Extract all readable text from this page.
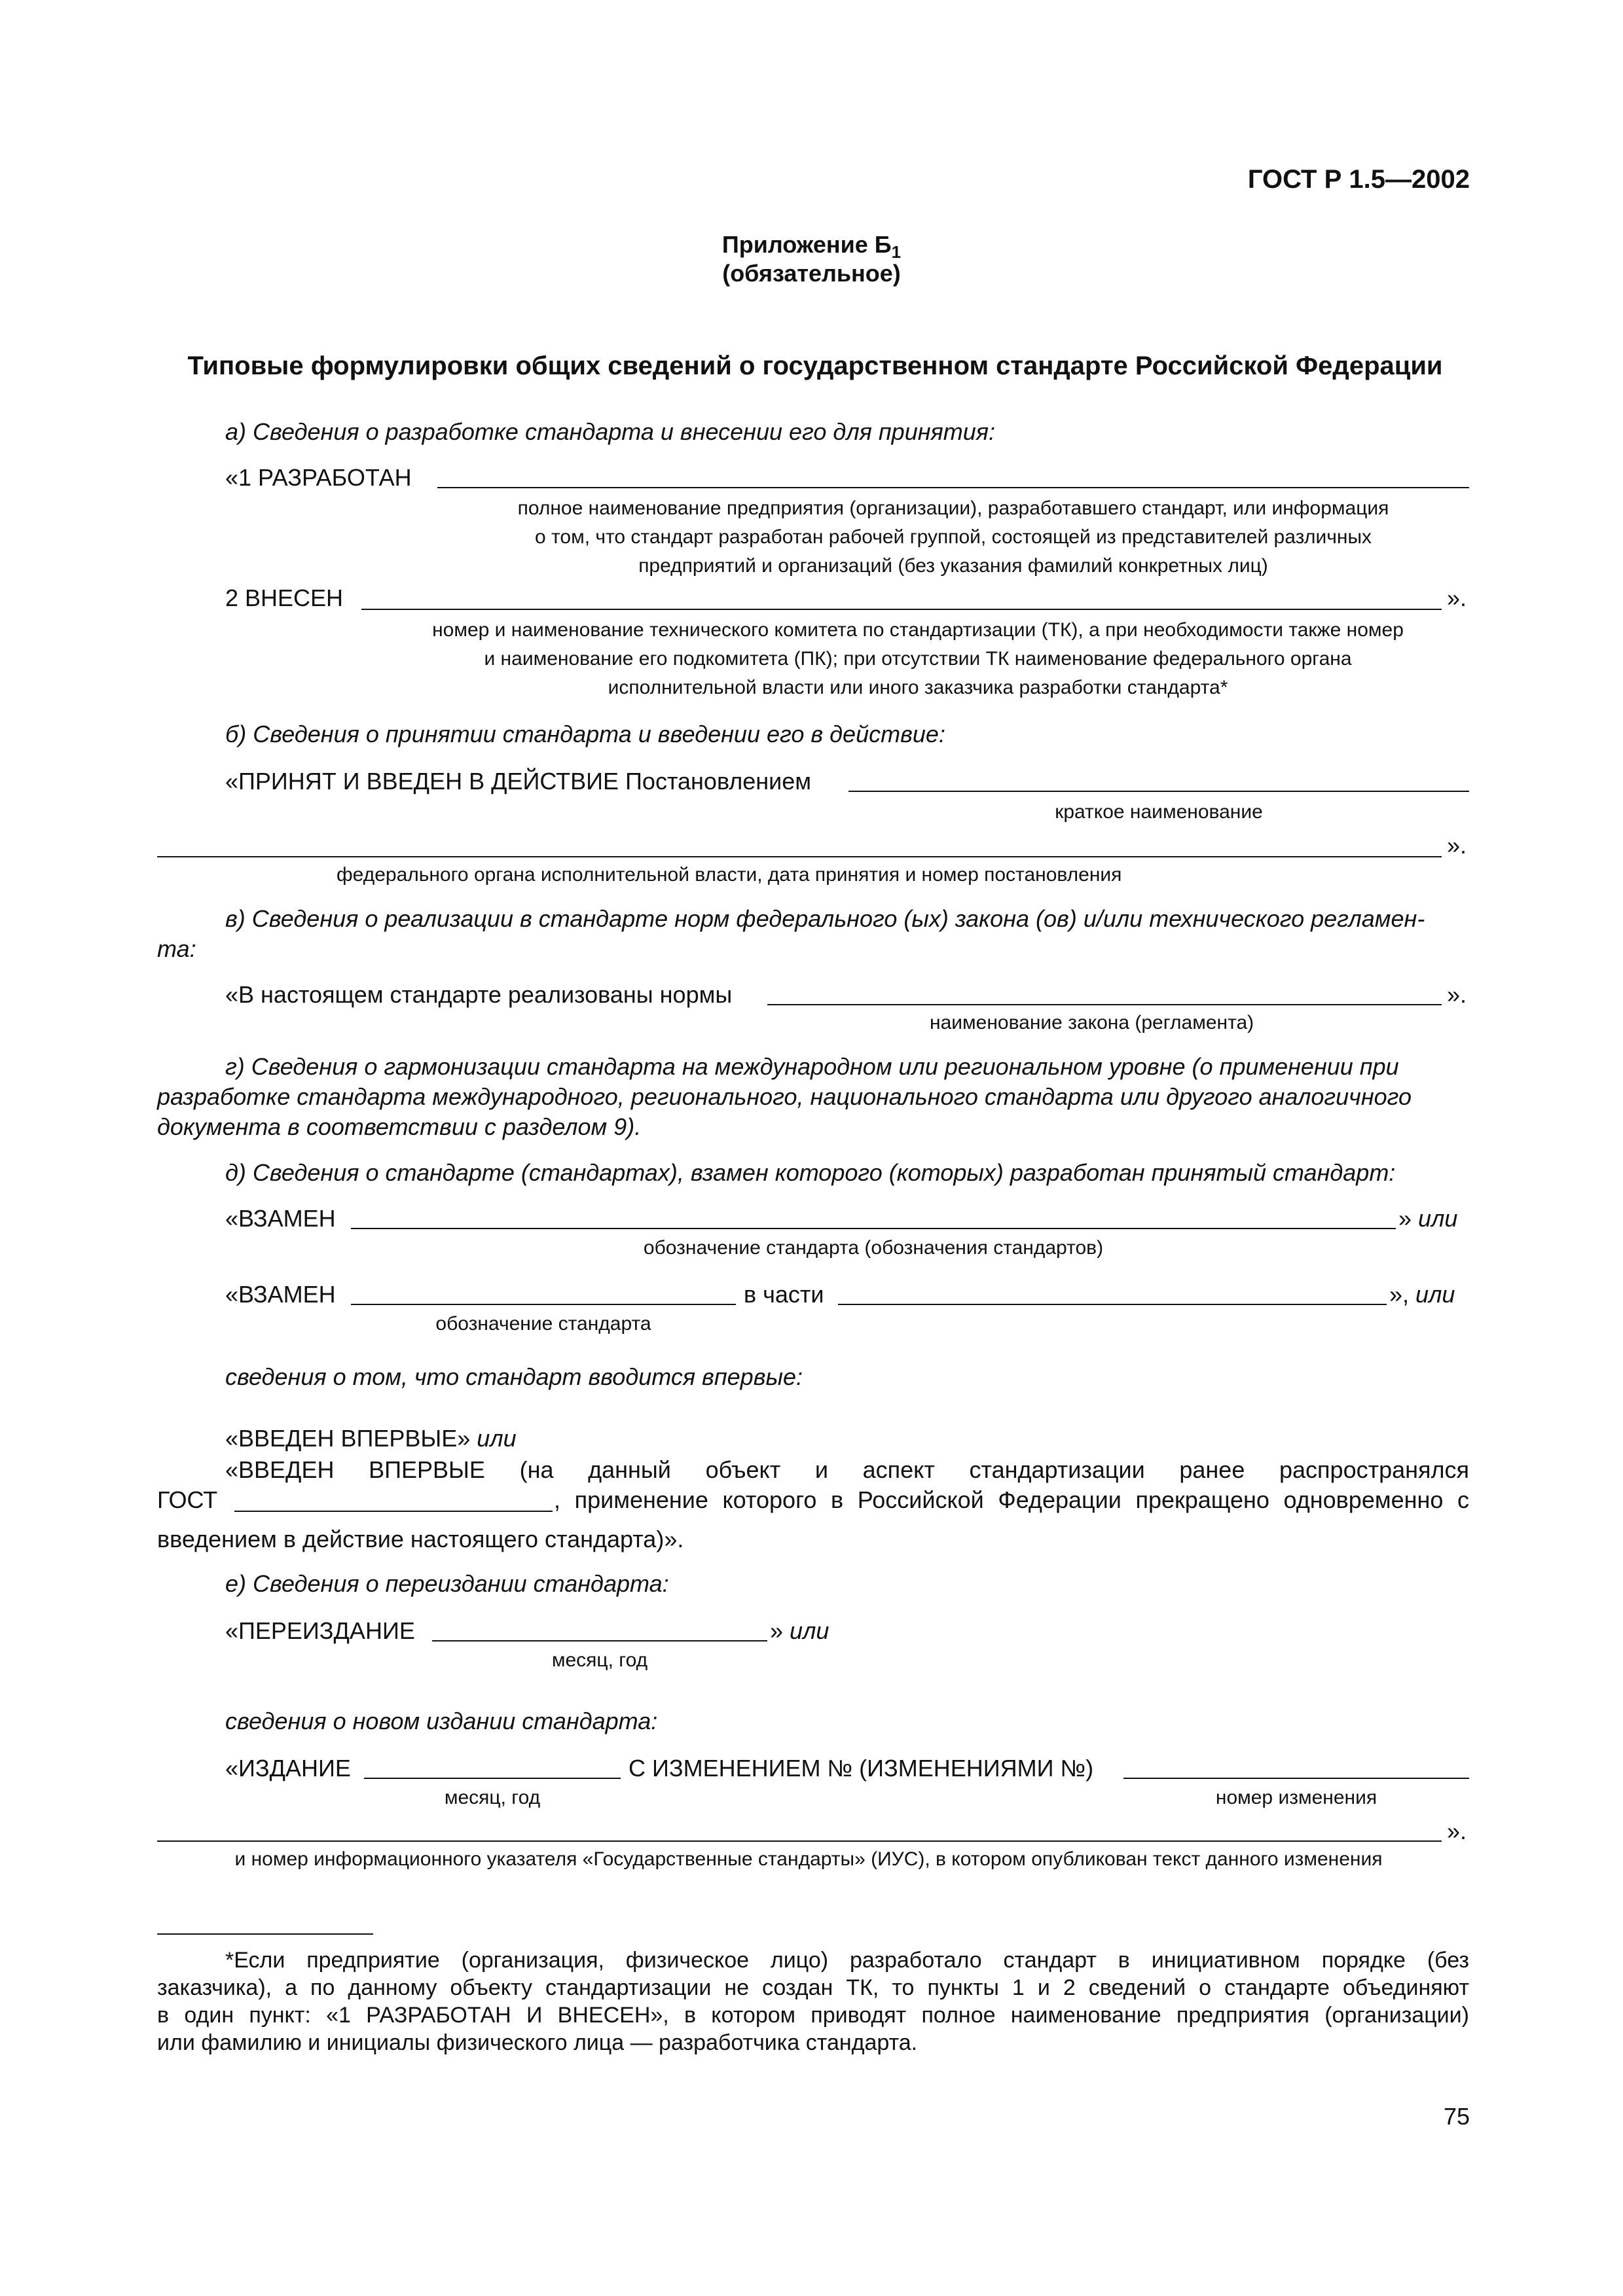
ГОСТ Р 1.5—2002
Приложение $Б_1$
(обязательное)
Типовые формулировки общих сведений о государственном стандарте Российской Федерации
а) Сведения о разработке стандарта и внесении его для принятия:
«1 РАЗРАБОТАН
полное наименование предприятия (организации), разработавшего стандарт, или информация
о том, что стандарт разработан рабочей группой, состоящей из представителей различных
предприятий и организаций (без указания фамилий конкретных лиц)
2 ВНЕСЕН	».
номер и наименование технического комитета по стандартизации (ТК), а при необходимости также номер
и наименование его подкомитета (ПК); при отсутствии ТК наименование федерального органа
исполнительной власти или иного заказчика разработки стандарта*
б) Сведения о принятии стандарта и введении его в действие:
«ПРИНЯТ И ВВЕДЕН В ДЕЙСТВИЕ Постановлением
краткое наименование
».
федерального органа исполнительной власти, дата принятия и номер постановления
в) Сведения о реализации в стандарте норм федерального (ых) закона (ов) и/или технического регламен-
та:
«В настоящем стандарте реализованы нормы	».
наименование закона (регламента)
г) Сведения о гармонизации стандарта на международном или региональном уровне (о применении при
разработке стандарта международного, регионального, национального стандарта или другого аналогичного
документа в соответствии с разделом 9).
д) Сведения о стандарте (стандартах), взамен которого (которых) разработан принятый стандарт:
«ВЗАМЕН	» или
обозначение стандарта (обозначения стандартов)
«ВЗАМЕН	в части	», или
обозначение стандарта
сведения о том, что стандарт вводится впервые:
«ВВЕДЕН ВПЕРВЫЕ» или
«ВВЕДЕН ВПЕРВЫЕ (на данный объект и аспект стандартизации ранее распространялся
ГОСТ	, применение которого в Российской Федерации прекращено одновременно с
введением в действие настоящего стандарта)».
е) Сведения о переиздании стандарта:
«ПЕРЕИЗДАНИЕ	» или
месяц, год
сведения о новом издании стандарта:
«ИЗДАНИЕ	С ИЗМЕНЕНИЕМ № (ИЗМЕНЕНИЯМИ №)
месяц, год	номер изменения
».
и номер информационного указателя «Государственные стандарты» (ИУС), в котором опубликован текст данного изменения
*Если предприятие (организация, физическое лицо) разработало стандарт в инициативном порядке (без
заказчика), а по данному объекту стандартизации не создан ТК, то пункты 1 и 2 сведений о стандарте объединяют
в один пункт: «1 РАЗРАБОТАН И ВНЕСЕН», в котором приводят полное наименование предприятия (организации)
или фамилию и инициалы физического лица — разработчика стандарта.
75
